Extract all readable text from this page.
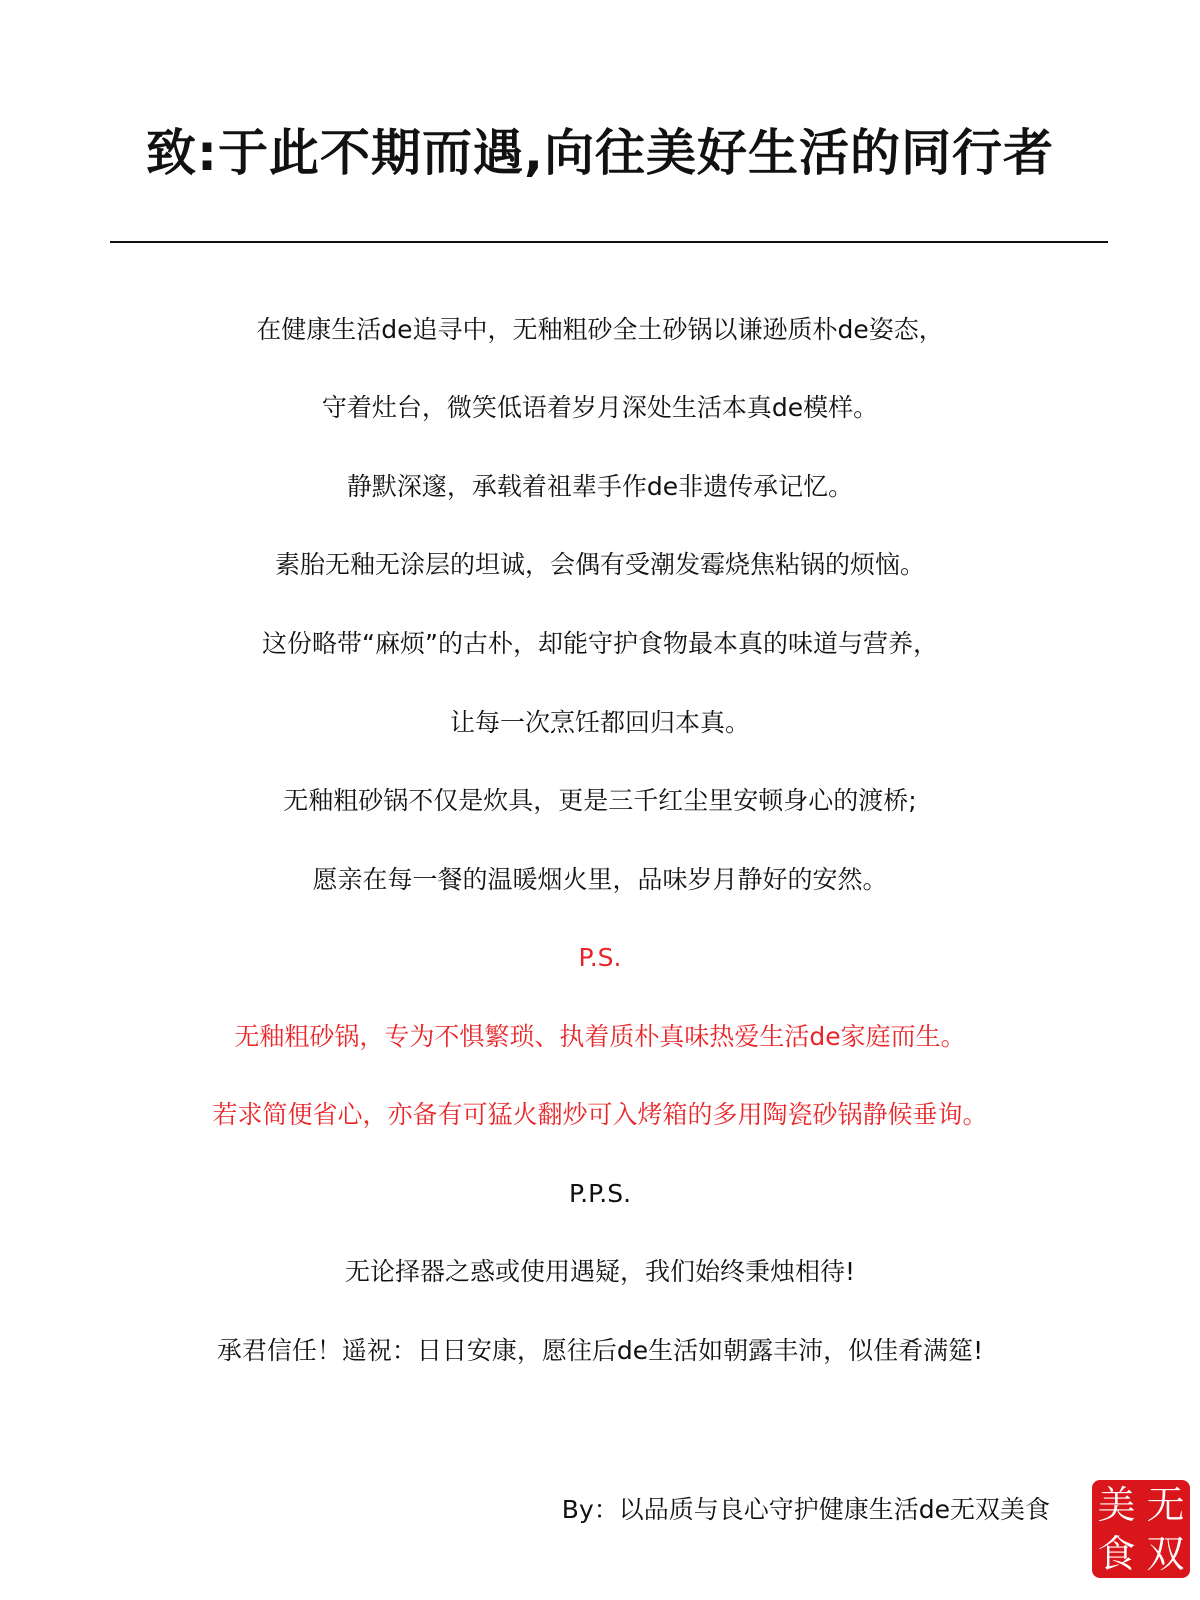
致:于此不期而遇,向往美好生活的同行者
在健康生活de追寻中，无釉粗砂全土砂锅以谦逊质朴de姿态，
守着灶台，微笑低语着岁月深处生活本真de模样。
静默深邃，承载着祖辈手作de非遗传承记忆。
素胎无釉无涂层的坦诚，会偶有受潮发霉烧焦粘锅的烦恼。
这份略带“麻烦”的古朴，却能守护食物最本真的味道与营养，
让每一次烹饪都回归本真。
无釉粗砂锅不仅是炊具，更是三千红尘里安顿身心的渡桥;
愿亲在每一餐的温暖烟火里，品味岁月静好的安然。
P.S.
无釉粗砂锅，专为不惧繁琐、执着质朴真味热爱生活de家庭而生。
若求简便省心，亦备有可猛火翻炒可入烤箱的多用陶瓷砂锅静候垂询。
P.P.S.
无论择器之惑或使用遇疑，我们始终秉烛相待!
承君信任！遥祝：日日安康，愿往后de生活如朝露丰沛，似佳肴满筵!
By：以品质与良心守护健康生活de无双美食 美 无
食 双
